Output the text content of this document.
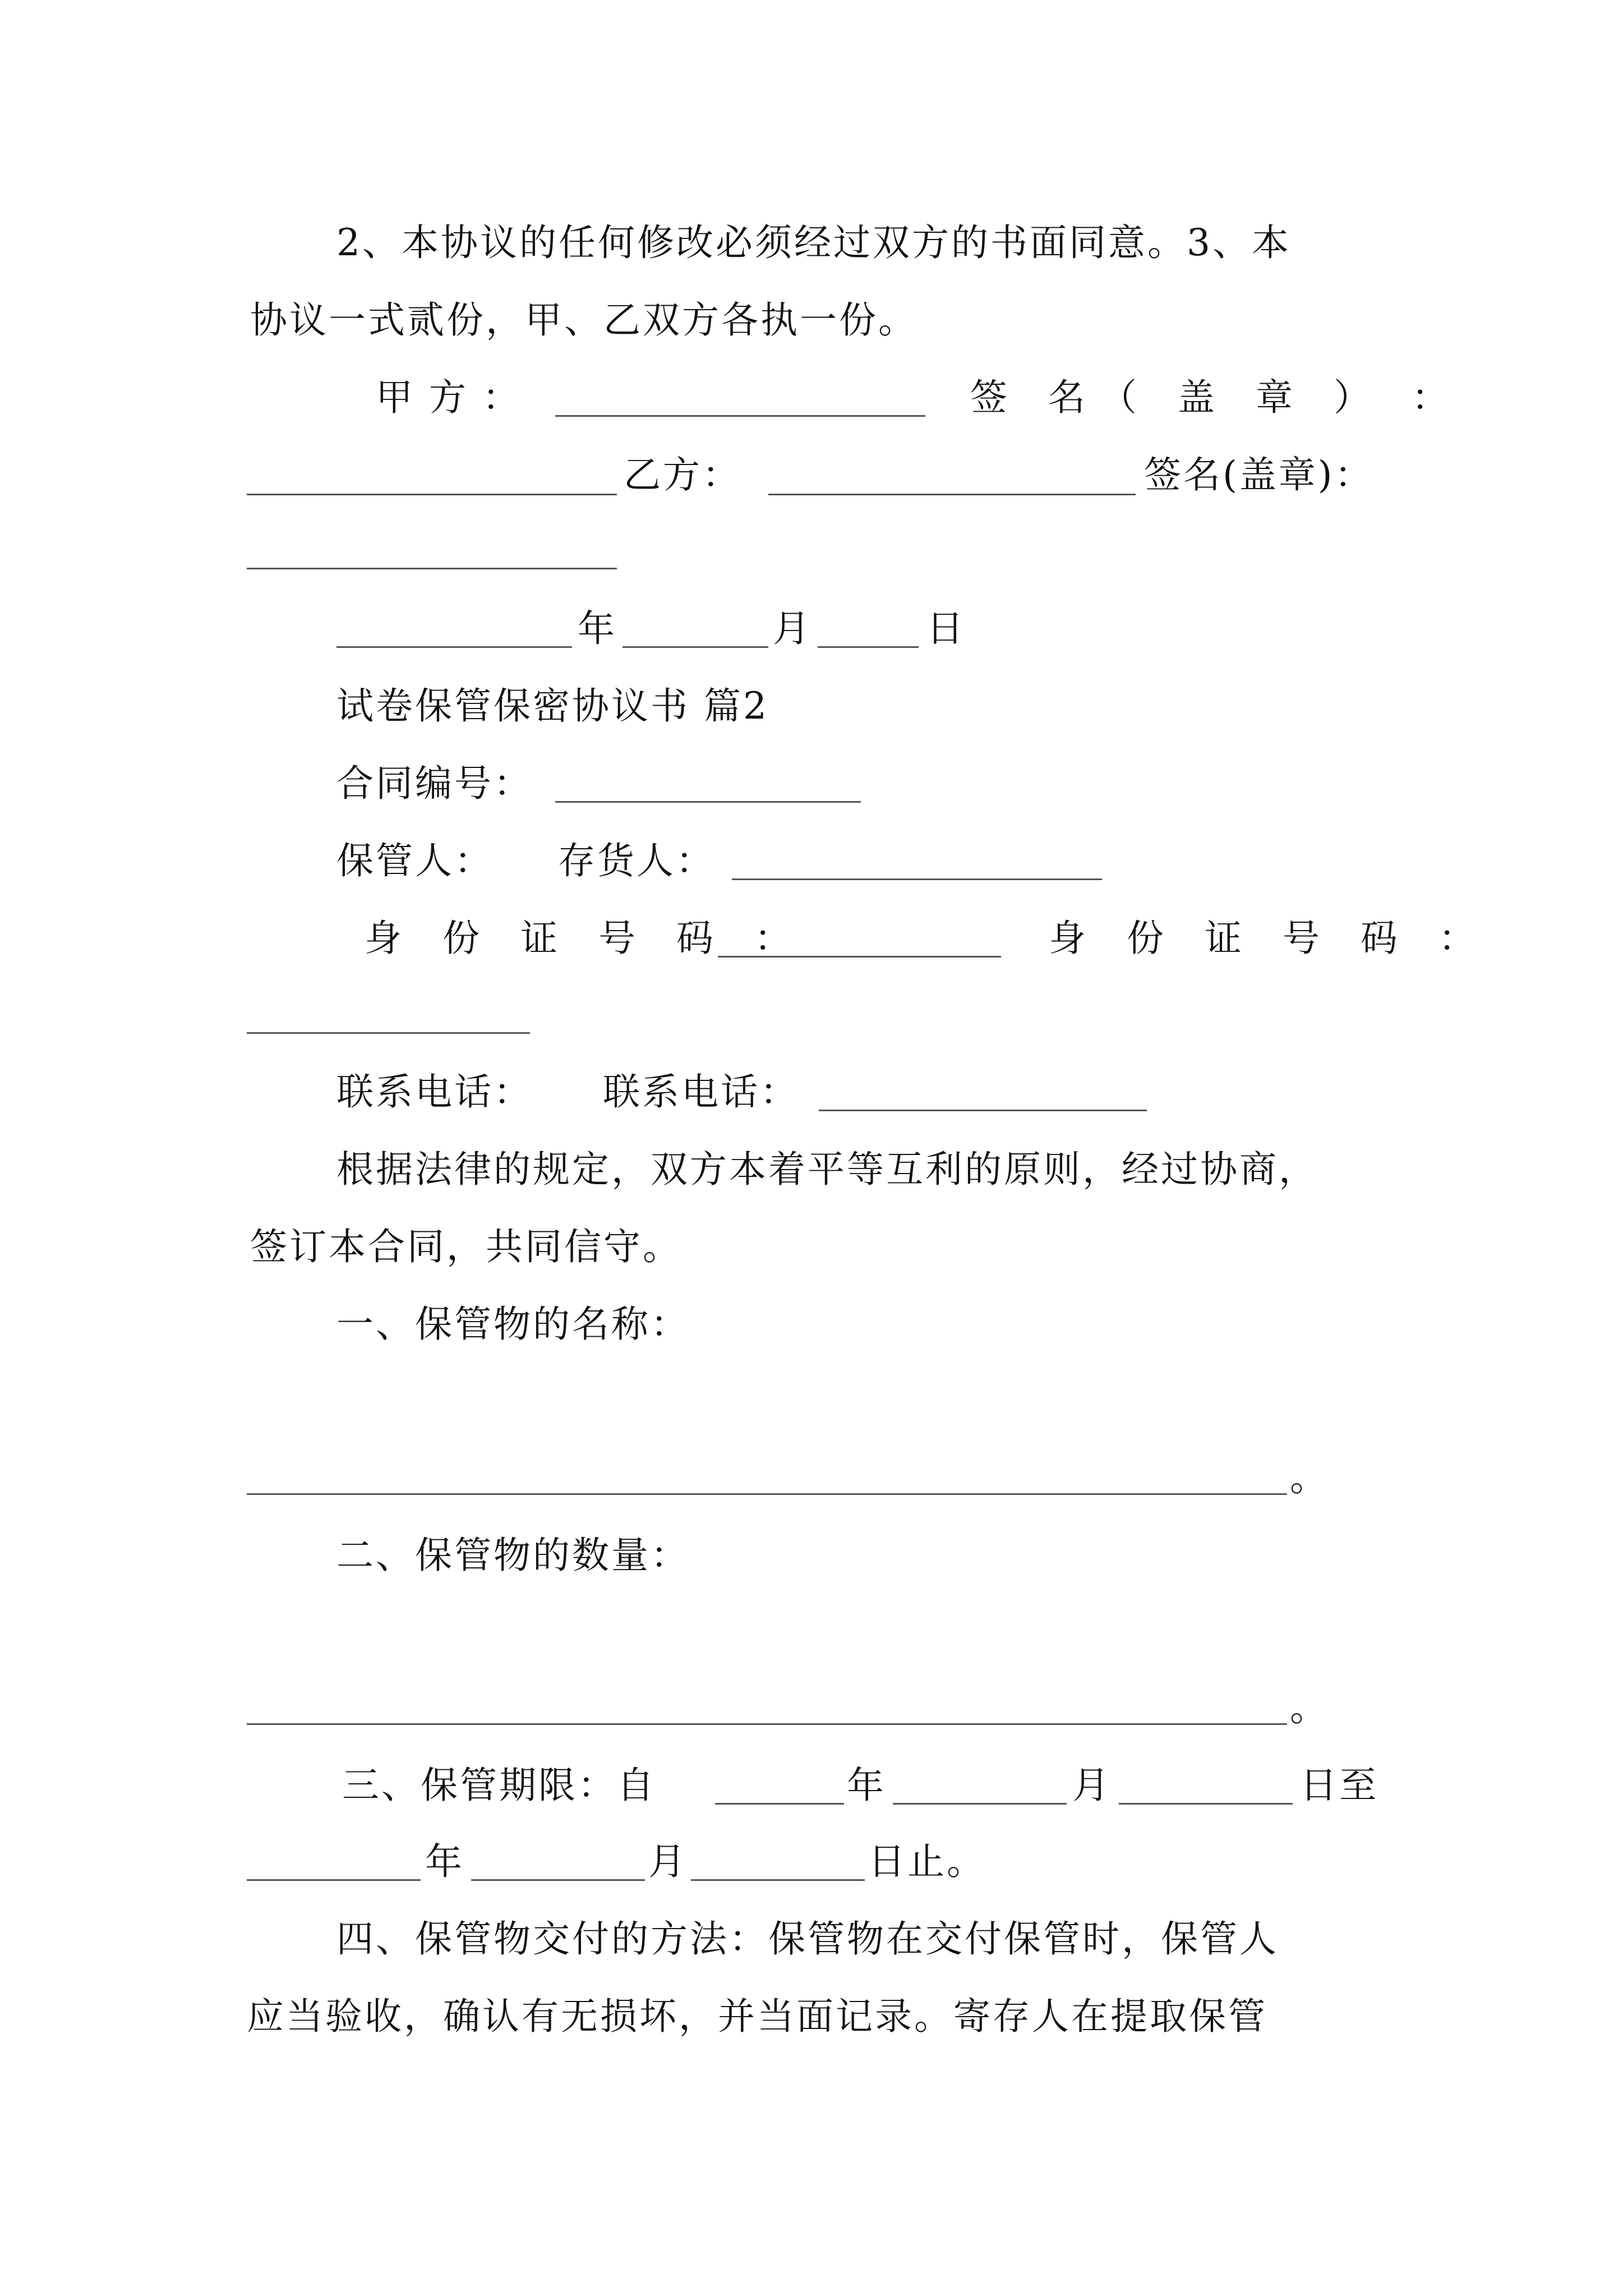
2、本协议的任何修改必须经过双方的书面同意。3、本
协议一式贰份，甲、乙双方各执一份。
甲 方 ：	签 名（ 盖 章 ） ：
乙方：	签名(盖章)：
年	月	日
试卷保管保密协议书 篇2
合同编号：
保管人： 存货人：
身 份 证 号 码 ：	身 份 证 号 码 ：
联系电话： 联系电话：
根据法律的规定，双方本着平等互利的原则，经过协商，
签订本合同，共同信守。
一、保管物的名称：
。
二、保管物的数量：
。
三、保管期限：自	年	月	日至
年	月	日止。
四、保管物交付的方法：保管物在交付保管时，保管人
应当验收，确认有无损坏，并当面记录。寄存人在提取保管
